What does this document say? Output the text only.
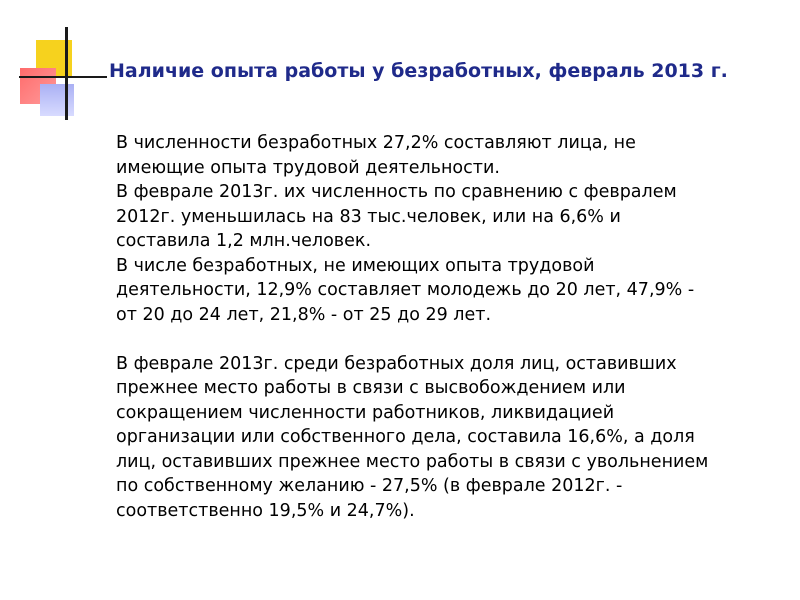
Наличие опыта работы у безработных, февраль 2013 г.

В численности безработных 27,2% составляют лица, не

имеющие опыта трудовой деятельности.

В феврале 2013г. их численность по сравнению с февралем

2012г. уменьшилась на 83 тыс.человек, или на 6,6% и

составила 1,2 млн.человек.

В числе безработных, не имеющих опыта трудовой

деятельности, 12,9% составляет молодежь до 20 лет, 47,9% -

от 20 до 24 лет, 21,8% - от 25 до 29 лет.

В феврале 2013г. среди безработных доля лиц, оставивших

прежнее место работы в связи с высвобождением или

сокращением численности работников, ликвидацией

организации или собственного дела, составила 16,6%, а доля

лиц, оставивших прежнее место работы в связи с увольнением

по собственному желанию - 27,5% (в феврале 2012г. -

соответственно 19,5% и 24,7%).
